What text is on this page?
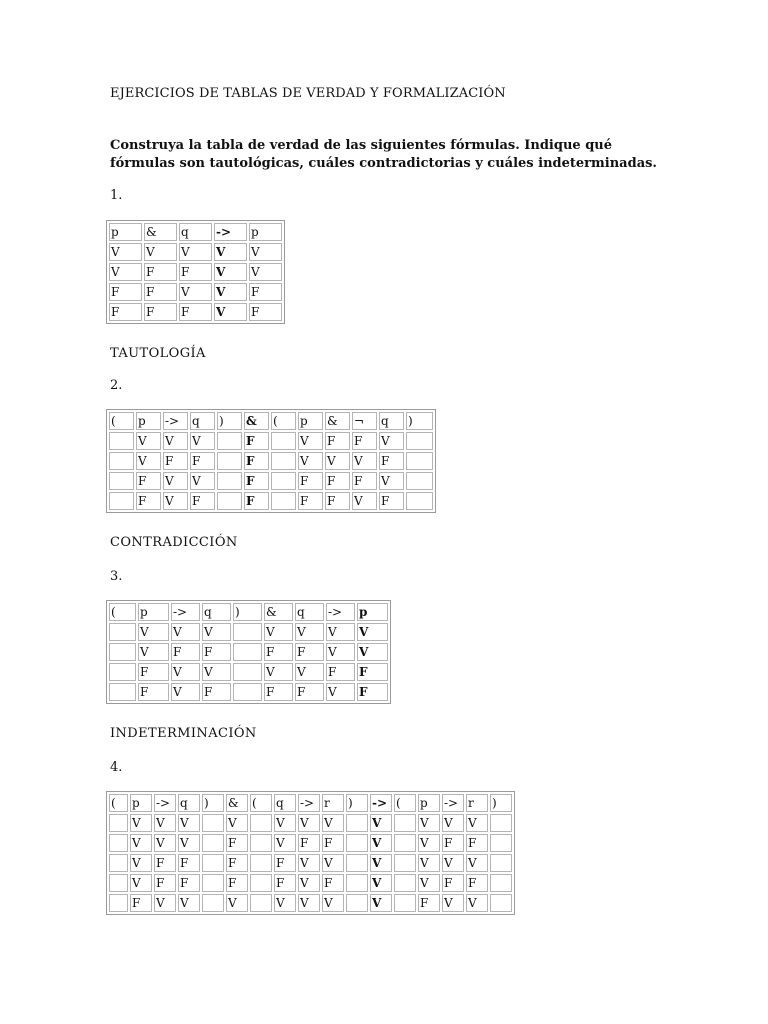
EJERCICIOS DE TABLAS DE VERDAD Y FORMALIZACIÓN
Construya la tabla de verdad de las siguientes fórmulas. Indique qué fórmulas son tautológicas, cuáles contradictorias y cuáles indeterminadas.
1.
p	&	q	->	p
V	V	V	V	V
V	F	F	V	V
F	F	V	V	F
F	F	F	V	F
TAUTOLOGÍA
2.
(	p	->	q	)	&	(	p	&	¬	q	)
	V	V	V		F		V	F	F	V	
	V	F	F		F		V	V	V	F	
	F	V	V		F		F	F	F	V	
	F	V	F		F		F	F	V	F	
CONTRADICCIÓN
3.
(	p	->	q	)	&	q	->	p
	V	V	V		V	V	V	V
	V	F	F		F	F	V	V
	F	V	V		V	V	F	F
	F	V	F		F	F	V	F
INDETERMINACIÓN
4.
(	p	->	q	)	&	(	q	->	r	)	->	(	p	->	r	)
	V	V	V		V		V	V	V		V		V	V	V	
	V	V	V		F		V	F	F		V		V	F	F	
	V	F	F		F		F	V	V		V		V	V	V	
	V	F	F		F		F	V	F		V		V	F	F	
	F	V	V		V		V	V	V		V		F	V	V	
